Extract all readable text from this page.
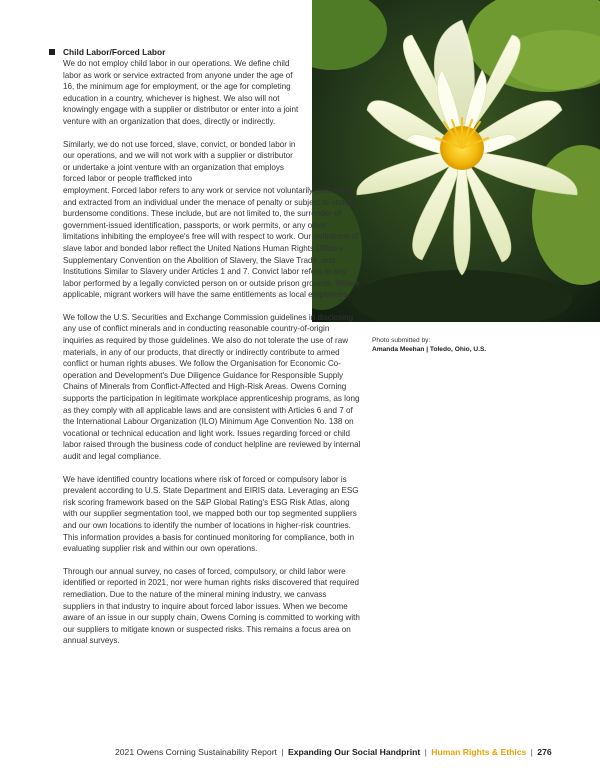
Child Labor/Forced Labor

We do not employ child labor in our operations. We define child labor as work or service extracted from anyone under the age of 16, the minimum age for employment, or the age for completing education in a country, whichever is highest. We also will not knowingly engage with a supplier or distributor or enter into a joint venture with an organization that does, directly or indirectly.

Similarly, we do not use forced, slave, convict, or bonded labor in our operations, and we will not work with a supplier or distributor or undertake a joint venture with an organization that employs forced labor or people trafficked into

employment. Forced labor refers to any work or service not voluntarily performed and extracted from an individual under the menace of penalty or subject to unduly burdensome conditions. These include, but are not limited to, the surrender of government-issued identification, passports, or work permits, or any other limitations inhibiting the employee's free will with respect to work. Our definitions of slave labor and bonded labor reflect the United Nations Human Rights Office's Supplementary Convention on the Abolition of Slavery, the Slave Trade, and Institutions Similar to Slavery under Articles 1 and 7. Convict labor refers to any labor performed by a legally convicted person on or outside prison grounds. Where applicable, migrant workers will have the same entitlements as local employees.

We follow the U.S. Securities and Exchange Commission guidelines in disclosing any use of conflict minerals and in conducting reasonable country-of-origin inquiries as required by those guidelines. We also do not tolerate the use of raw materials, in any of our products, that directly or indirectly contribute to armed conflict or human rights abuses. We follow the Organisation for Economic Co-operation and Development's Due Diligence Guidance for Responsible Supply Chains of Minerals from Conflict-Affected and High-Risk Areas. Owens Corning supports the participation in legitimate workplace apprenticeship programs, as long as they comply with all applicable laws and are consistent with Articles 6 and 7 of the International Labour Organization (ILO) Minimum Age Convention No. 138 on vocational or technical education and light work. Issues regarding forced or child labor raised through the business code of conduct helpline are reviewed by internal audit and legal compliance.

We have identified country locations where risk of forced or compulsory labor is prevalent according to U.S. State Department and EIRIS data. Leveraging an ESG risk scoring framework based on the S&P Global Rating's ESG Risk Atlas, along with our supplier segmentation tool, we mapped both our top segmented suppliers and our own locations to identify the number of locations in higher-risk countries. This information provides a basis for continued monitoring for compliance, both in evaluating supplier risk and within our own operations.

Through our annual survey, no cases of forced, compulsory, or child labor were identified or reported in 2021, nor were human rights risks discovered that required remediation. Due to the nature of the mineral mining industry, we canvass suppliers in that industry to inquire about forced labor issues. When we become aware of an issue in our supply chain, Owens Corning is committed to working with our suppliers to mitigate known or suspected risks. This remains a focus area on annual surveys.

Photo submitted by:
Amanda Meehan | Toledo, Ohio, U.S.
2021 Owens Corning Sustainability Report | Expanding Our Social Handprint | Human Rights & Ethics | 276
